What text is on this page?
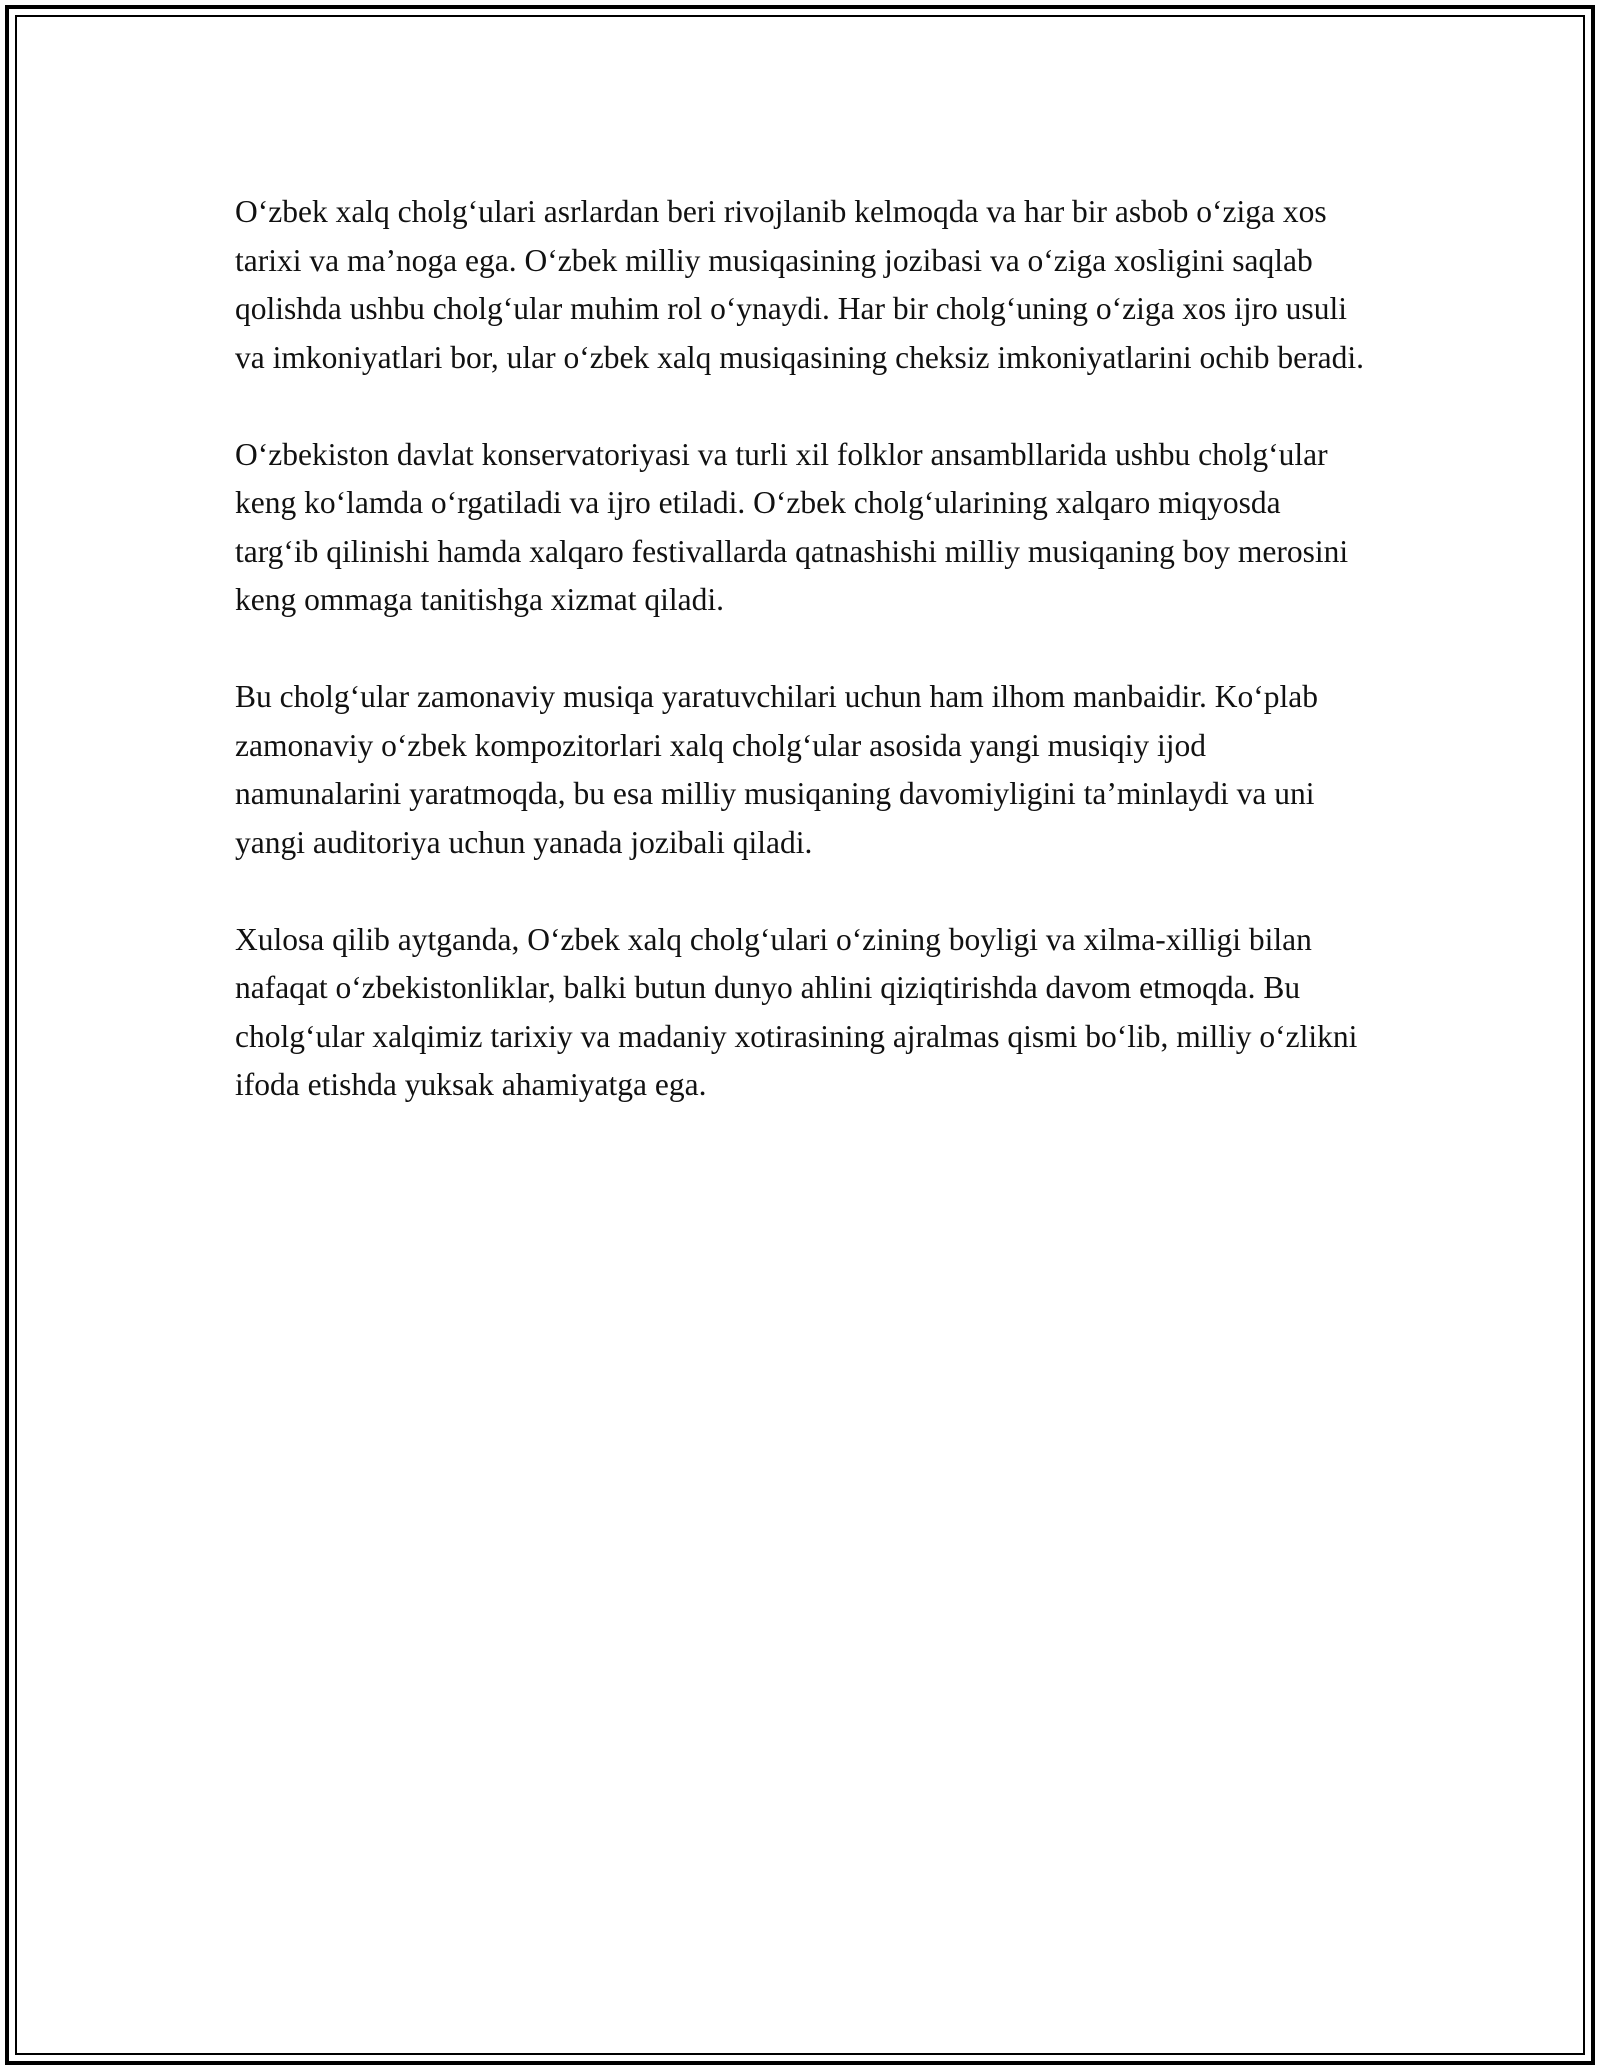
O‘zbek xalq cholg‘ulari asrlardan beri rivojlanib kelmoqda va har bir asbob o‘ziga xos tarixi va ma’noga ega. O‘zbek milliy musiqasining jozibasi va o‘ziga xosligini saqlab qolishda ushbu cholg‘ular muhim rol o‘ynaydi. Har bir cholg‘uning o‘ziga xos ijro usuli va imkoniyatlari bor, ular o‘zbek xalq musiqasining cheksiz imkoniyatlarini ochib beradi.

O‘zbekiston davlat konservatoriyasi va turli xil folklor ansambllarida ushbu cholg‘ular keng ko‘lamda o‘rgatiladi va ijro etiladi. O‘zbek cholg‘ularining xalqaro miqyosda targ‘ib qilinishi hamda xalqaro festivallarda qatnashishi milliy musiqaning boy merosini keng ommaga tanitishga xizmat qiladi.

Bu cholg‘ular zamonaviy musiqa yaratuvchilari uchun ham ilhom manbaidir. Ko‘plab zamonaviy o‘zbek kompozitorlari xalq cholg‘ular asosida yangi musiqiy ijod namunalarini yaratmoqda, bu esa milliy musiqaning davomiyligini ta’minlaydi va uni yangi auditoriya uchun yanada jozibali qiladi.

Xulosa qilib aytganda, O‘zbek xalq cholg‘ulari o‘zining boyligi va xilma-xilligi bilan nafaqat o‘zbekistonliklar, balki butun dunyo ahlini qiziqtirishda davom etmoqda. Bu cholg‘ular xalqimiz tarixiy va madaniy xotirasining ajralmas qismi bo‘lib, milliy o‘zlikni ifoda etishda yuksak ahamiyatga ega.
